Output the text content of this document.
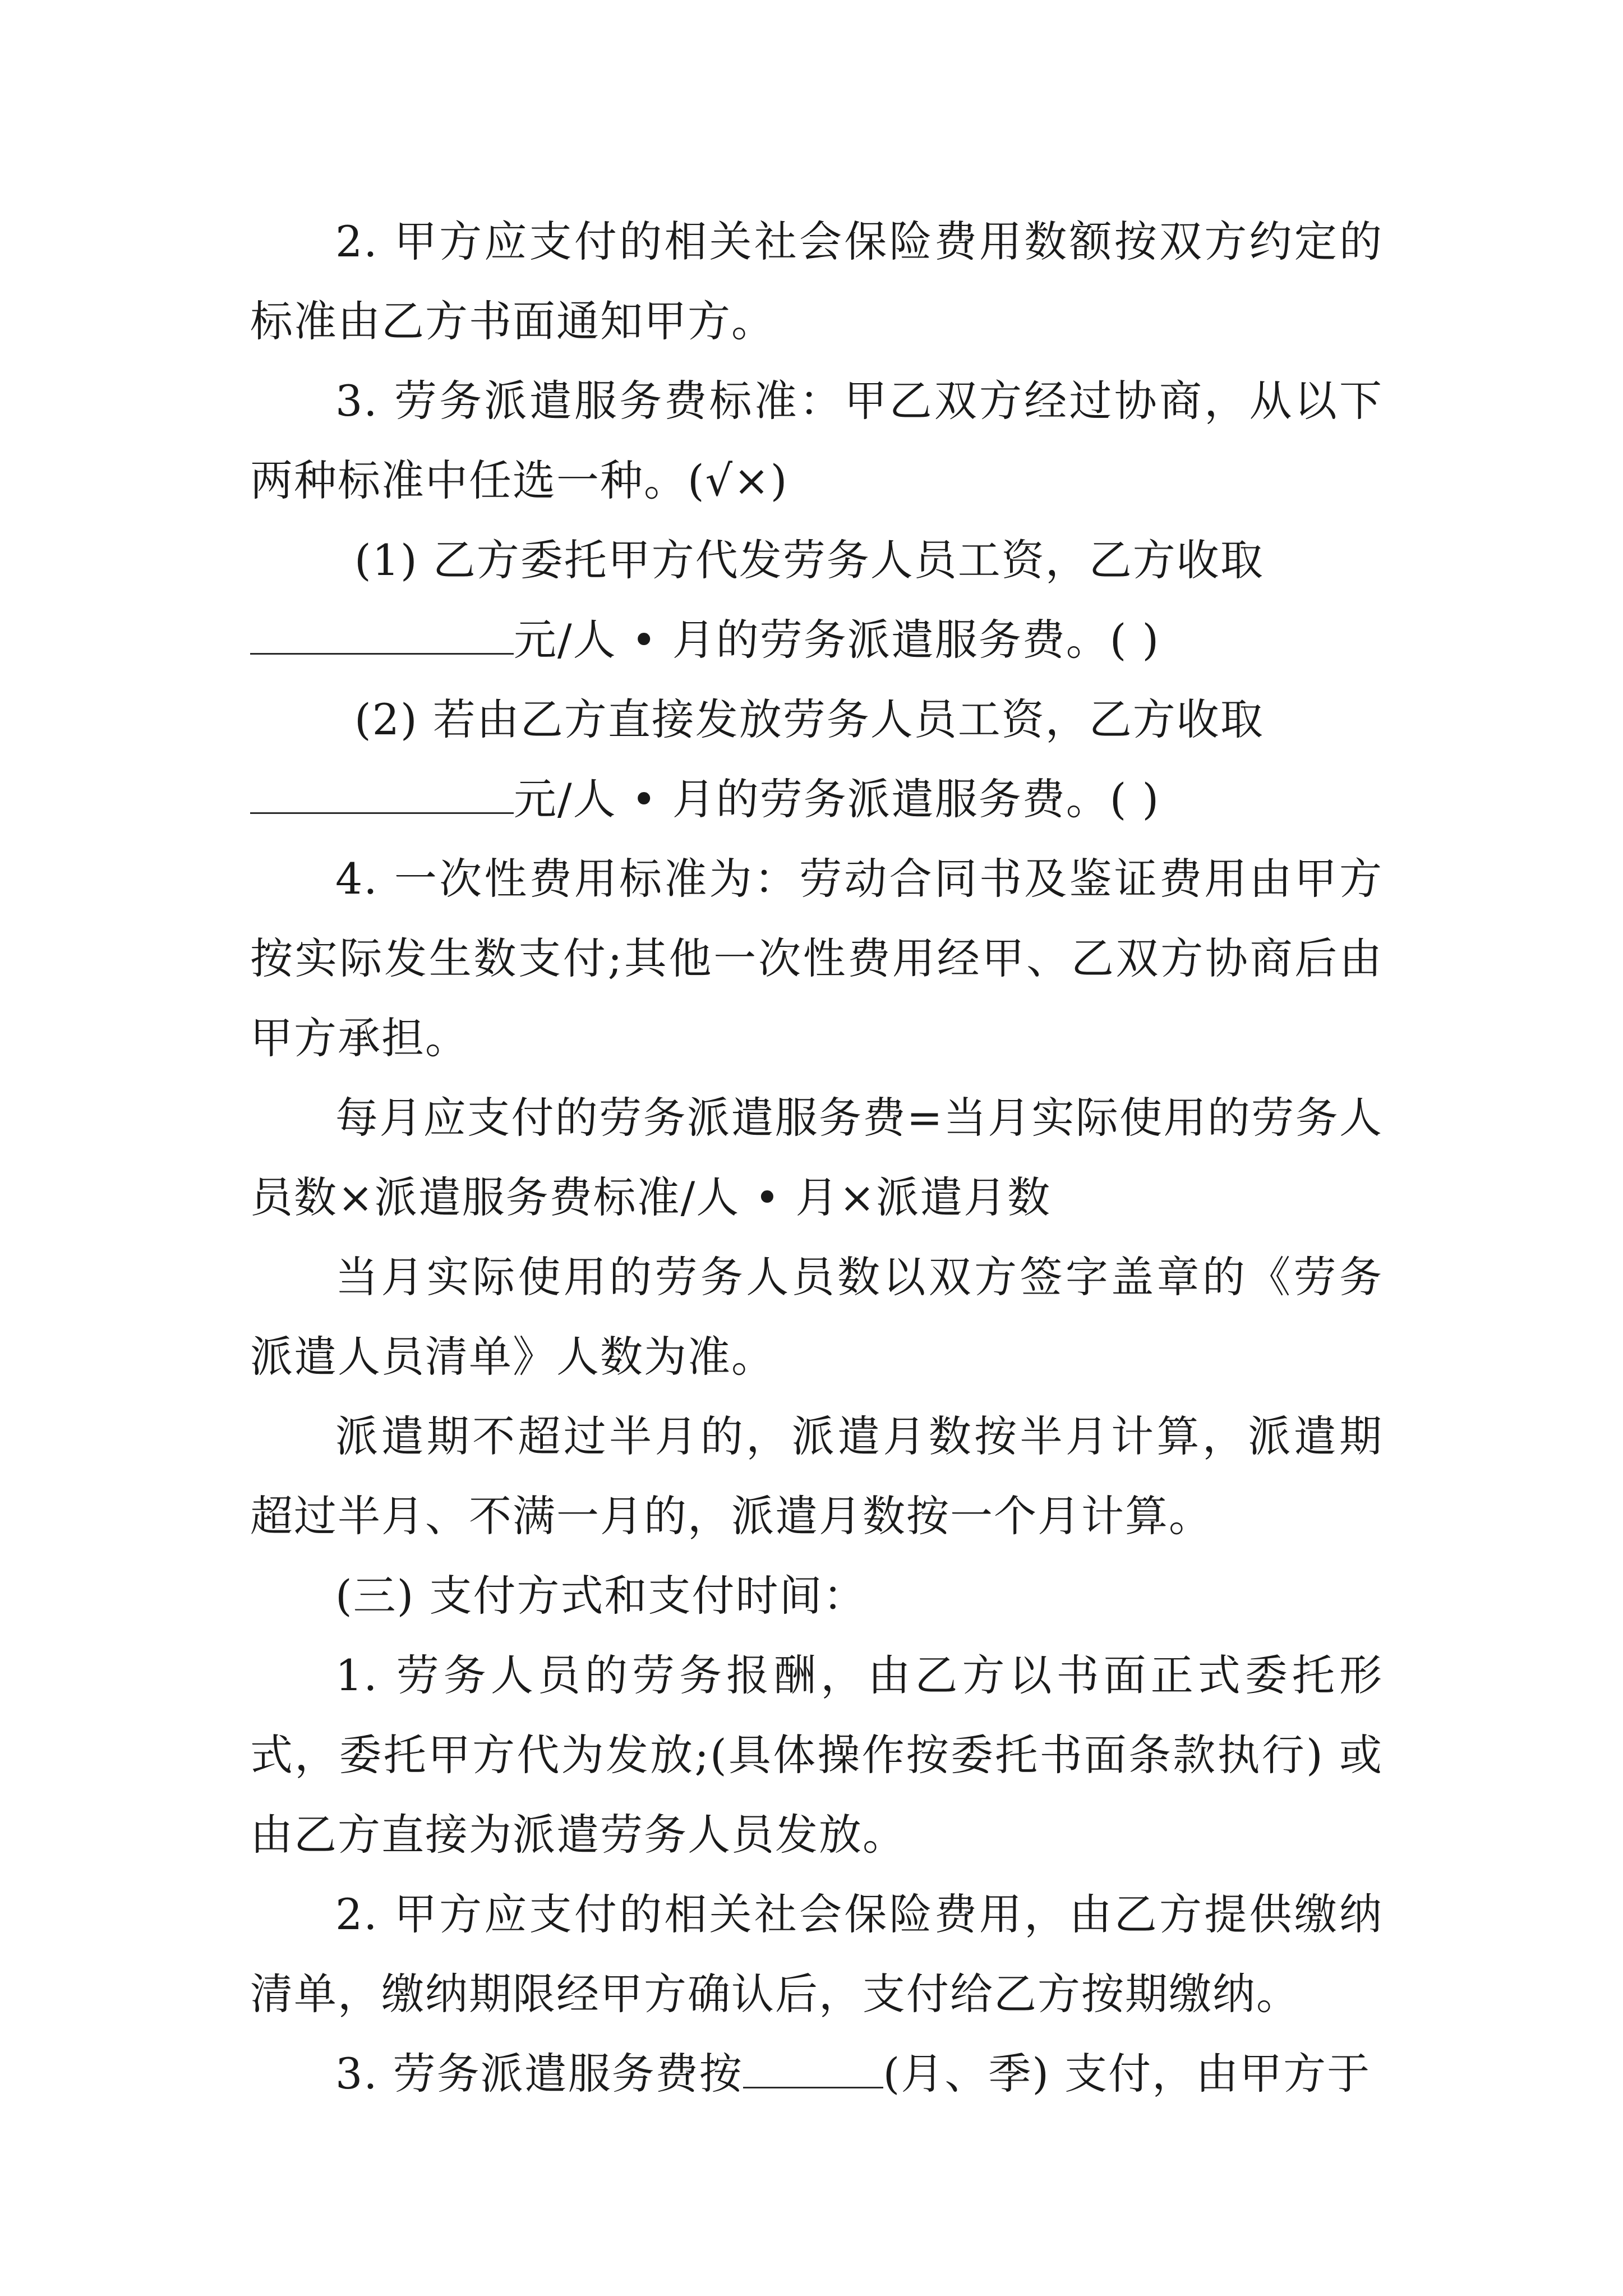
2. 甲方应支付的相关社会保险费用数额按双方约定的标准由乙方书面通知甲方。

3. 劳务派遣服务费标准：甲乙双方经过协商，从以下两种标准中任选一种。(√×)

(1) 乙方委托甲方代发劳务人员工资，乙方收取
元/人 • 月的劳务派遣服务费。( )

(2) 若由乙方直接发放劳务人员工资，乙方收取
元/人 • 月的劳务派遣服务费。( )

4. 一次性费用标准为：劳动合同书及鉴证费用由甲方按实际发生数支付;其他一次性费用经甲、乙双方协商后由甲方承担。

每月应支付的劳务派遣服务费=当月实际使用的劳务人员数×派遣服务费标准/人 • 月×派遣月数

当月实际使用的劳务人员数以双方签字盖章的《劳务派遣人员清单》人数为准。

派遣期不超过半月的，派遣月数按半月计算，派遣期超过半月、不满一月的，派遣月数按一个月计算。

(三) 支付方式和支付时间：

1. 劳务人员的劳务报酬，由乙方以书面正式委托形式，委托甲方代为发放;(具体操作按委托书面条款执行) 或由乙方直接为派遣劳务人员发放。

2. 甲方应支付的相关社会保险费用，由乙方提供缴纳清单，缴纳期限经甲方确认后，支付给乙方按期缴纳。

3. 劳务派遣服务费按	(月、季) 支付，由甲方于
